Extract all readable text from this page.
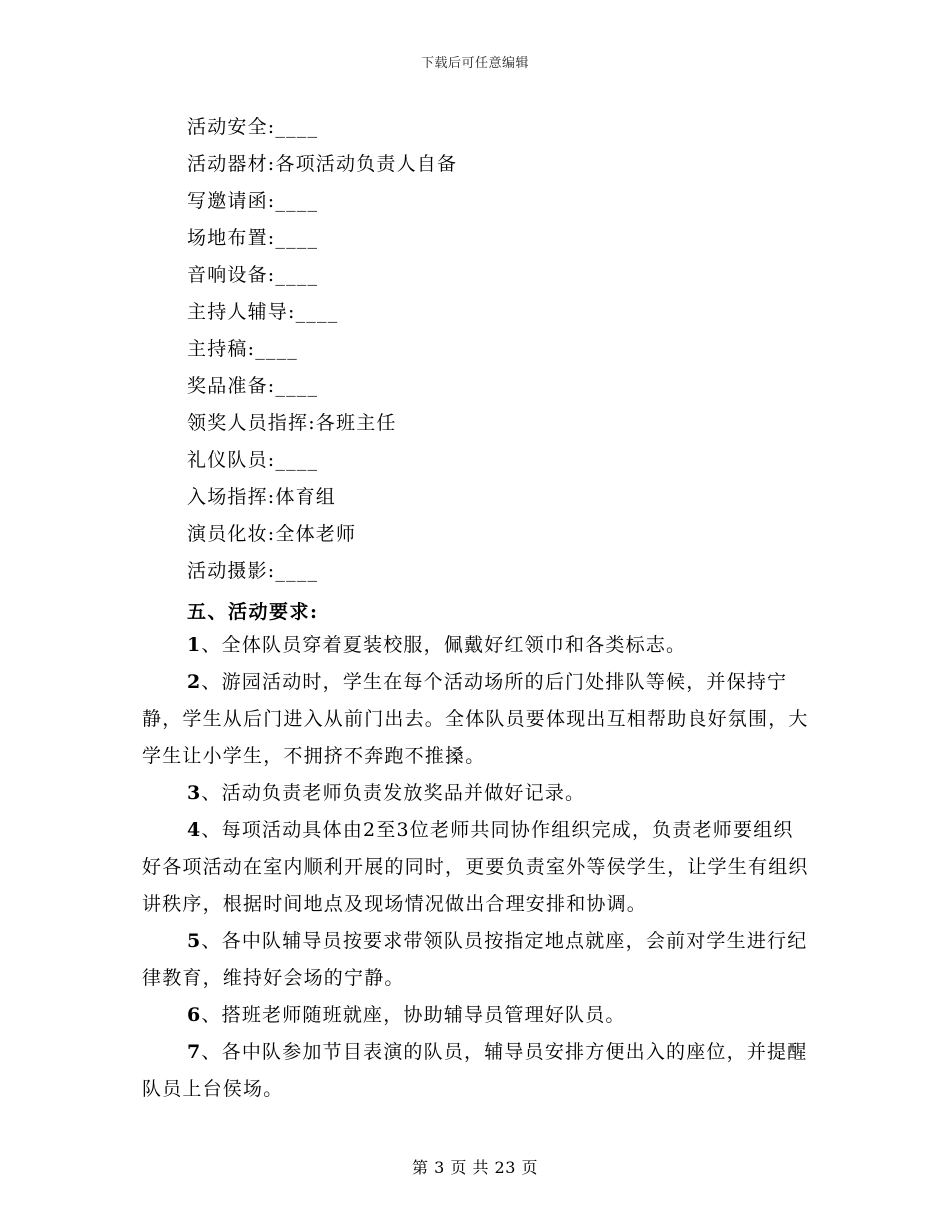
下载后可任意编辑
活动安全:____
活动器材:各项活动负责人自备
写邀请函:____
场地布置:____
音响设备:____
主持人辅导:____
主持稿:____
奖品准备:____
领奖人员指挥:各班主任
礼仪队员:____
入场指挥:体育组
演员化妆:全体老师
活动摄影:____
五、活动要求:

1、全体队员穿着夏装校服，佩戴好红领巾和各类标志。

2、游园活动时，学生在每个活动场所的后门处排队等候，并保持宁静，学生从后门进入从前门出去。全体队员要体现出互相帮助良好氛围，大学生让小学生，不拥挤不奔跑不推搡。

3、活动负责老师负责发放奖品并做好记录。

4、每项活动具体由2至3位老师共同协作组织完成，负责老师要组织好各项活动在室内顺利开展的同时，更要负责室外等侯学生，让学生有组织讲秩序，根据时间地点及现场情况做出合理安排和协调。

5、各中队辅导员按要求带领队员按指定地点就座，会前对学生进行纪律教育，维持好会场的宁静。

6、搭班老师随班就座，协助辅导员管理好队员。

7、各中队参加节目表演的队员，辅导员安排方便出入的座位，并提醒队员上台侯场。

第 3 页 共 23 页
